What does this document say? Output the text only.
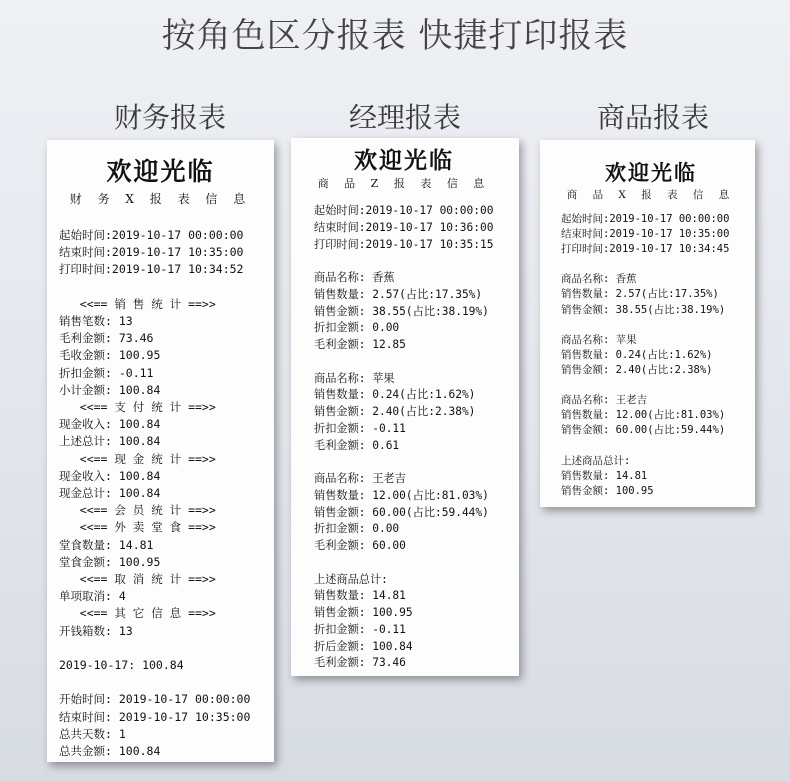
按角色区分报表 快捷打印报表
财务报表	经理报表	商品报表
欢迎光临
财 务 X 报 表 信 息
起始时间:2019-10-17 00:00:00
结束时间:2019-10-17 10:35:00
打印时间:2019-10-17 10:34:52

<<== 销 售 统 计 ==>>
销售笔数: 13
毛利金额: 73.46
毛收金额: 100.95
折扣金额: -0.11
小计金额: 100.84
<<== 支 付 统 计 ==>>
现金收入: 100.84
上述总计: 100.84
<<== 现 金 统 计 ==>>
现金收入: 100.84
现金总计: 100.84
<<== 会 员 统 计 ==>>
<<== 外 卖 堂 食 ==>>
堂食数量: 14.81
堂食金额: 100.95
<<== 取 消 统 计 ==>>
单项取消: 4
<<== 其 它 信 息 ==>>
开钱箱数: 13

2019-10-17: 100.84

开始时间: 2019-10-17 00:00:00
结束时间: 2019-10-17 10:35:00
总共天数: 1
总共金额: 100.84
欢迎光临
商 品 Z 报 表 信 息
起始时间:2019-10-17 00:00:00
结束时间:2019-10-17 10:36:00
打印时间:2019-10-17 10:35:15

商品名称: 香蕉
销售数量: 2.57(占比:17.35%)
销售金额: 38.55(占比:38.19%)
折扣金额: 0.00
毛利金额: 12.85

商品名称: 苹果
销售数量: 0.24(占比:1.62%)
销售金额: 2.40(占比:2.38%)
折扣金额: -0.11
毛利金额: 0.61

商品名称: 王老吉
销售数量: 12.00(占比:81.03%)
销售金额: 60.00(占比:59.44%)
折扣金额: 0.00
毛利金额: 60.00

上述商品总计:
销售数量: 14.81
销售金额: 100.95
折扣金额: -0.11
折后金额: 100.84
毛利金额: 73.46
欢迎光临
商 品 X 报 表 信 息
起始时间:2019-10-17 00:00:00
结束时间:2019-10-17 10:35:00
打印时间:2019-10-17 10:34:45

商品名称: 香蕉
销售数量: 2.57(占比:17.35%)
销售金额: 38.55(占比:38.19%)

商品名称: 苹果
销售数量: 0.24(占比:1.62%)
销售金额: 2.40(占比:2.38%)

商品名称: 王老吉
销售数量: 12.00(占比:81.03%)
销售金额: 60.00(占比:59.44%)

上述商品总计:
销售数量: 14.81
销售金额: 100.95
